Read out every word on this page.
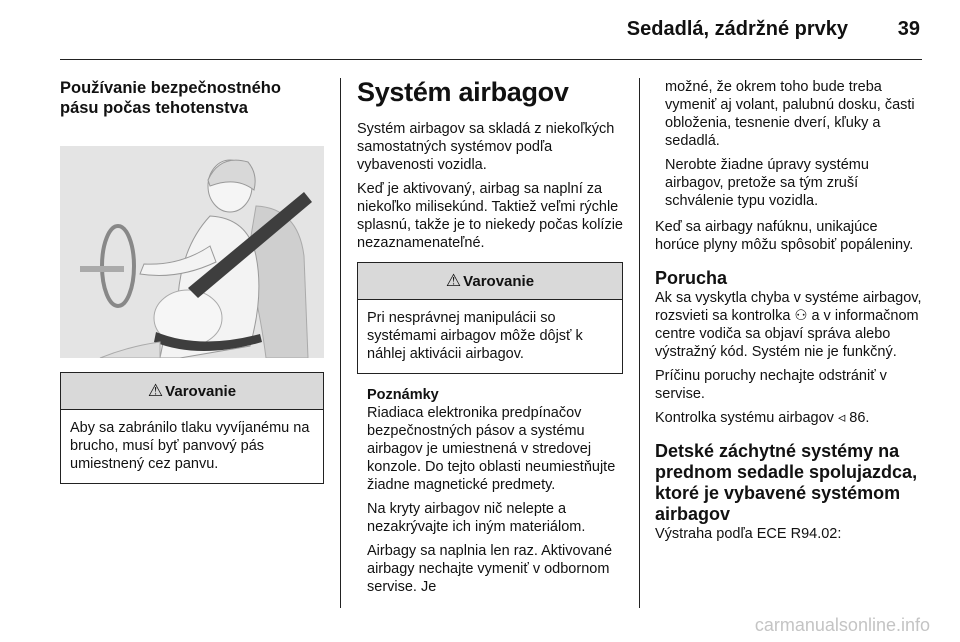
Sedadlá, zádržné prvky 39
Používanie bezpečnostného pásu počas tehotenstva
⚠ Varovanie

Aby sa zabránilo tlaku vyvíjanému na brucho, musí byť panvový pás umiestnený cez panvu.

Systém airbagov

Systém airbagov sa skladá z niekoľkých samostatných systémov podľa vybavenosti vozidla.

Keď je aktivovaný, airbag sa naplní za niekoľko milisekúnd. Taktiež veľmi rýchle splasnú, takže je to niekedy počas kolízie nezaznamenateľné.

⚠ Varovanie

Pri nesprávnej manipulácii so systémami airbagov môže dôjsť k náhlej aktivácii airbagov.

Poznámky

Riadiaca elektronika predpínačov bezpečnostných pásov a systému airbagov je umiestnená v stredovej konzole. Do tejto oblasti neumiestňujte žiadne magnetické predmety.

Na kryty airbagov nič nelepte a nezakrývajte ich iným materiálom.

Airbagy sa naplnia len raz. Aktivované airbagy nechajte vymeniť v odbornom servise. Je

možné, že okrem toho bude treba vymeniť aj volant, palubnú dosku, časti obloženia, tesnenie dverí, kľuky a sedadlá.

Nerobte žiadne úpravy systému airbagov, pretože sa tým zruší schválenie typu vozidla.

Keď sa airbagy nafúknu, unikajúce horúce plyny môžu spôsobiť popáleniny.

Porucha

Ak sa vyskytla chyba v systéme airbagov, rozsvieti sa kontrolka ⚇ a v informačnom centre vodiča sa objaví správa alebo výstražný kód. Systém nie je funkčný.

Príčinu poruchy nechajte odstrániť v servise.

Kontrolka systému airbagov ◃ 86.

Detské záchytné systémy na prednom sedadle spolujazdca, ktoré je vybavené systémom airbagov

Výstraha podľa ECE R94.02:

carmanualsonline.info
